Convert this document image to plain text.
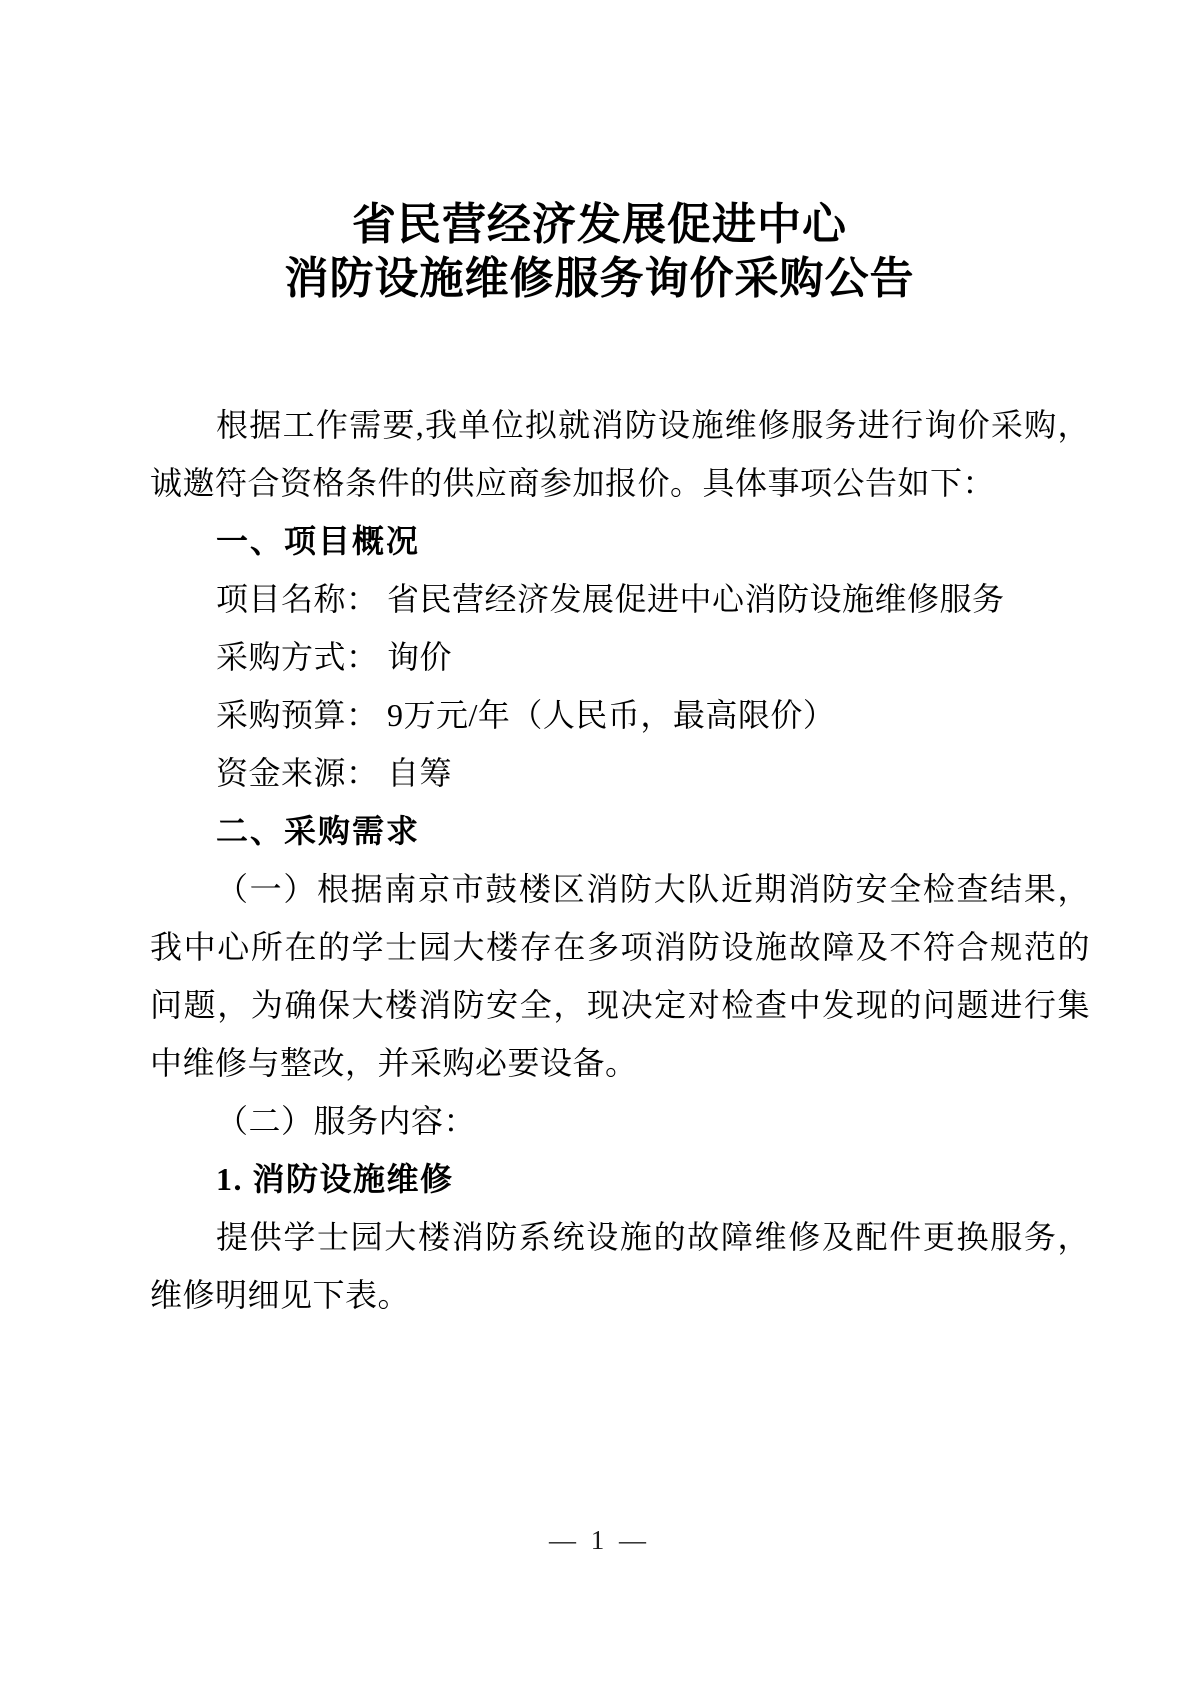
省民营经济发展促进中心
消防设施维修服务询价采购公告

根据工作需要,我单位拟就消防设施维修服务进行询价采购，诚邀符合资格条件的供应商参加报价。具体事项公告如下：

一、项目概况

项目名称： 省民营经济发展促进中心消防设施维修服务

采购方式： 询价

采购预算： 9万元/年（人民币，最高限价）

资金来源： 自筹

二、采购需求

（一）根据南京市鼓楼区消防大队近期消防安全检查结果，我中心所在的学士园大楼存在多项消防设施故障及不符合规范的问题，为确保大楼消防安全，现决定对检查中发现的问题进行集中维修与整改，并采购必要设备。

（二）服务内容：

1. 消防设施维修

提供学士园大楼消防系统设施的故障维修及配件更换服务，维修明细见下表。

— 1 —
